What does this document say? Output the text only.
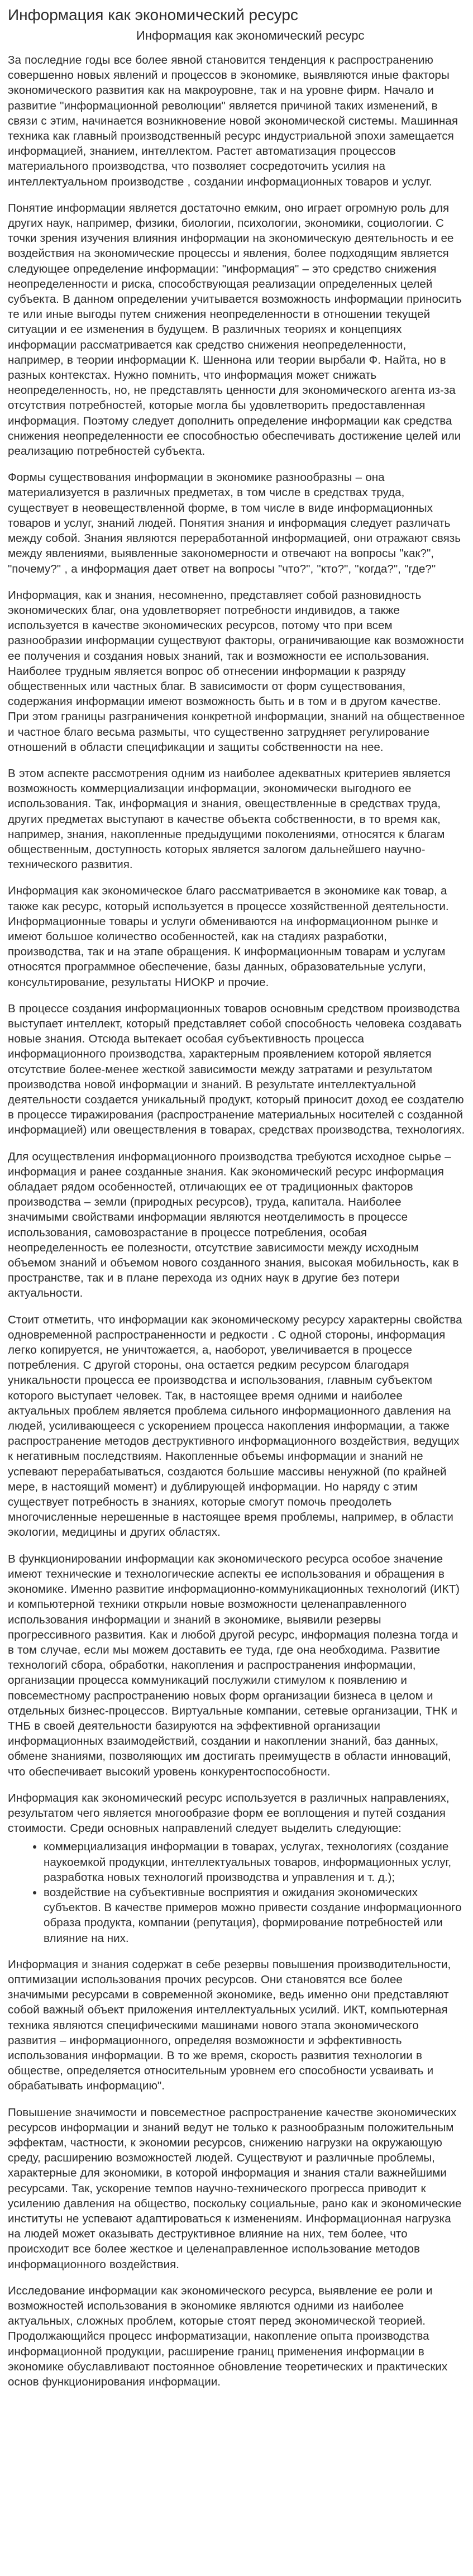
Информация как экономический ресурс
Информация как экономический ресурс

За последние годы все более явной становится тенденция к распространению совершенно новых явлений и процессов в экономике, выявляются иные факторы экономического развития как на макроуровне, так и на уровне фирм. Начало и развитие "информационной революции" является причиной таких изменений, в связи с этим, начинается возникновение новой экономической системы. Машинная техника как главный производственный ресурс индустриальной эпохи замещается информацией, знанием, интеллектом. Растет автоматизация процессов материального производства, что позволяет сосредоточить усилия на интеллектуальном производстве , создании информационных товаров и услуг.

Понятие информации является достаточно емким, оно играет огромную роль для других наук, например, физики, биологии, психологии, экономики, социологии. С точки зрения изучения влияния информации на экономическую деятельность и ее воздействия на экономические процессы и явления, более подходящим является следующее определение информации: "информация" – это средство снижения неопределенности и риска, способствующая реализации определенных целей субъекта. В данном определении учитывается возможность информации приносить те или иные выгоды путем снижения неопределенности в отношении текущей ситуации и ее изменения в будущем. В различных теориях и концепциях информации рассматривается как средство снижения неопределенности, например, в теории информации К. Шеннона или теории вырбали Ф. Найта, но в разных контекстах. Нужно помнить, что информация может снижать неопределенность, но, не представлять ценности для экономического агента из-за отсутствия потребностей, которые могла бы удовлетворить предоставленная информация. Поэтому следует дополнить определение информации как средства снижения неопределенности ее способностью обеспечивать достижение целей или реализацию потребностей субъекта.

Формы существования информации в экономике разнообразны – она материализуется в различных предметах, в том числе в средствах труда, существует в неовеществленной форме, в том числе в виде информационных товаров и услуг, знаний людей. Понятия знания и информация следует различать между собой. Знания являются переработанной информацией, они отражают связь между явлениями, выявленные закономерности и отвечают на вопросы "как?", "почему?" , а информация дает ответ на вопросы "что?", "кто?", "когда?", "где?"

Информация, как и знания, несомненно, представляет собой разновидность экономических благ, она удовлетворяет потребности индивидов, а также используется в качестве экономических ресурсов, потому что при всем разнообразии информации существуют факторы, ограничивающие как возможности ее получения и создания новых знаний, так и возможности ее использования. Наиболее трудным является вопрос об отнесении информации к разряду общественных или частных благ. В зависимости от форм существования, содержания информации имеют возможность быть и в том и в другом качестве. При этом границы разграничения конкретной информации, знаний на общественное и частное благо весьма размыты, что существенно затрудняет регулирование отношений в области спецификации и защиты собственности на нее.

В этом аспекте рассмотрения одним из наиболее адекватных критериев является возможность коммерциализации информации, экономически выгодного ее использования. Так, информация и знания, овеществленные в средствах труда, других предметах выступают в качестве объекта собственности, в то время как, например, знания, накопленные предыдущими поколениями, относятся к благам общественным, доступность которых является залогом дальнейшего научно-технического развития.

Информация как экономическое благо рассматривается в экономике как товар, а также как ресурс, который используется в процессе хозяйственной деятельности. Информационные товары и услуги обмениваются на информационном рынке и имеют большое количество особенностей, как на стадиях разработки, производства, так и на этапе обращения. К информационным товарам и услугам относятся программное обеспечение, базы данных, образовательные услуги, консультирование, результаты НИОКР и прочие.

В процессе создания информационных товаров основным средством производства выступает интеллект, который представляет собой способность человека создавать новые знания. Отсюда вытекает особая субъективность процесса информационного производства, характерным проявлением которой является отсутствие более-менее жесткой зависимости между затратами и результатом производства новой информации и знаний. В результате интеллектуальной деятельности создается уникальный продукт, который приносит доход ее создателю в процессе тиражирования (распространение материальных носителей с созданной информацией) или овеществления в товарах, средствах производства, технологиях.

Для осуществления информационного производства требуются исходное сырье – информация и ранее созданные знания. Как экономический ресурс информация обладает рядом особенностей, отличающих ее от традиционных факторов производства – земли (природных ресурсов), труда, капитала. Наиболее значимыми свойствами информации являются неотделимость в процессе использования, самовозрастание в процессе потребления, особая неопределенность ее полезности, отсутствие зависимости между исходным объемом знаний и объемом нового созданного знания, высокая мобильность, как в пространстве, так и в плане перехода из одних наук в другие без потери актуальности.

Стоит отметить, что информации как экономическому ресурсу характерны свойства одновременной распространенности и редкости . С одной стороны, информация легко копируется, не уничтожается, а, наоборот, увеличивается в процессе потребления. С другой стороны, она остается редким ресурсом благодаря уникальности процесса ее производства и использования, главным субъектом которого выступает человек. Так, в настоящее время одними и наиболее актуальных проблем является проблема сильного информационного давления на людей, усиливающееся с ускорением процесса накопления информации, а также распространение методов деструктивного информационного воздействия, ведущих к негативным последствиям. Накопленные объемы информации и знаний не успевают перерабатываться, создаются большие массивы ненужной (по крайней мере, в настоящий момент) и дублирующей информации. Но наряду с этим существует потребность в знаниях, которые смогут помочь преодолеть многочисленные нерешенные в настоящее время проблемы, например, в области экологии, медицины и других областях.

В функционировании информации как экономического ресурса особое значение имеют технические и технологические аспекты ее использования и обращения в экономике. Именно развитие информационно-коммуникационных технологий (ИКТ) и компьютерной техники открыли новые возможности целенаправленного использования информации и знаний в экономике, выявили резервы прогрессивного развития. Как и любой другой ресурс, информация полезна тогда и в том случае, если мы можем доставить ее туда, где она необходима. Развитие технологий сбора, обработки, накопления и распространения информации, организации процесса коммуникаций послужили стимулом к появлению и повсеместному распространению новых форм организации бизнеса в целом и отдельных бизнес-процессов. Виртуальные компании, сетевые организации, ТНК и ТНБ в своей деятельности базируются на эффективной организации информационных взаимодействий, создании и накоплении знаний, баз данных, обмене знаниями, позволяющих им достигать преимуществ в области инноваций, что обеспечивает высокий уровень конкурентоспособности.

Информация как экономический ресурс используется в различных направлениях, результатом чего является многообразие форм ее воплощения и путей создания стоимости. Среди основных направлений следует выделить следующие:

• коммерциализация информации в товарах, услугах, технологиях (создание наукоемкой продукции, интеллектуальных товаров, информационных услуг, разработка новых технологий производства и управления и т. д.);
• воздействие на субъективные восприятия и ожидания экономических субъектов. В качестве примеров можно привести создание информационного образа продукта, компании (репутация), формирование потребностей или влияние на них.

Информация и знания содержат в себе резервы повышения производительности, оптимизации использования прочих ресурсов. Они становятся все более значимыми ресурсами в современной экономике, ведь именно они представляют собой важный объект приложения интеллектуальных усилий. ИКТ, компьютерная техника являются специфическими машинами нового этапа экономического развития – информационного, определяя возможности и эффективность использования информации. В то же время, скорость развития технологии в обществе, определяется относительным уровнем его способности усваивать и обрабатывать информацию".

Повышение значимости и повсеместное распространение качестве экономических ресурсов информации и знаний ведут не только к разнообразным положительным эффектам, частности, к экономии ресурсов, снижению нагрузки на окружающую среду, расширению возможностей людей. Существуют и различные проблемы, характерные для экономики, в которой информация и знания стали важнейшими ресурсами. Так, ускорение темпов научно-технического прогресса приводит к усилению давления на общество, поскольку социальные, рано как и экономические институты не успевают адаптироваться к изменениям. Информационная нагрузка на людей может оказывать деструктивное влияние на них, тем более, что происходит все более жесткое и целенаправленное использование методов информационного воздействия.

Исследование информации как экономического ресурса, выявление ее роли и возможностей использования в экономике являются одними из наиболее актуальных, сложных проблем, которые стоят перед экономической теорией. Продолжающийся процесс информатизации, накопление опыта производства информационной продукции, расширение границ применения информации в экономике обуславливают постоянное обновление теоретических и практических основ функционирования информации.
